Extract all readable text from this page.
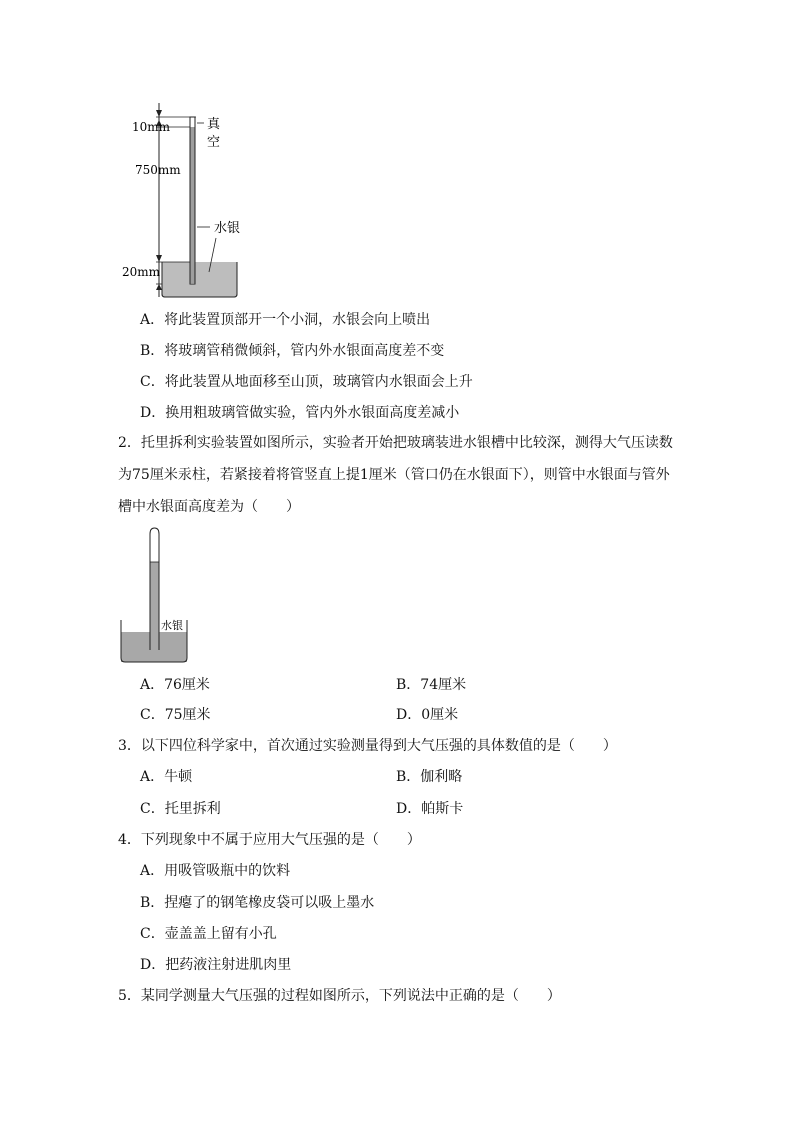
10mm
750mm
20mm
真
空
水银
A．将此装置顶部开一个小洞，水银会向上喷出
B．将玻璃管稍微倾斜，管内外水银面高度差不变
C．将此装置从地面移至山顶，玻璃管内水银面会上升
D．换用粗玻璃管做实验，管内外水银面高度差减小
2．托里拆利实验装置如图所示，实验者开始把玻璃装进水银槽中比较深，测得大气压读数
为75厘米汞柱，若紧接着将管竖直上提1厘米（管口仍在水银面下），则管中水银面与管外
槽中水银面高度差为（　　）
水银
A．76厘米	B．74厘米
C．75厘米	D．0厘米
3．以下四位科学家中，首次通过实验测量得到大气压强的具体数值的是（　　）
A．牛顿	B．伽利略
C．托里拆利	D．帕斯卡
4．下列现象中不属于应用大气压强的是（　　）
A．用吸管吸瓶中的饮料
B．捏瘪了的钢笔橡皮袋可以吸上墨水
C．壶盖盖上留有小孔
D．把药液注射进肌肉里
5．某同学测量大气压强的过程如图所示，下列说法中正确的是（　　）
